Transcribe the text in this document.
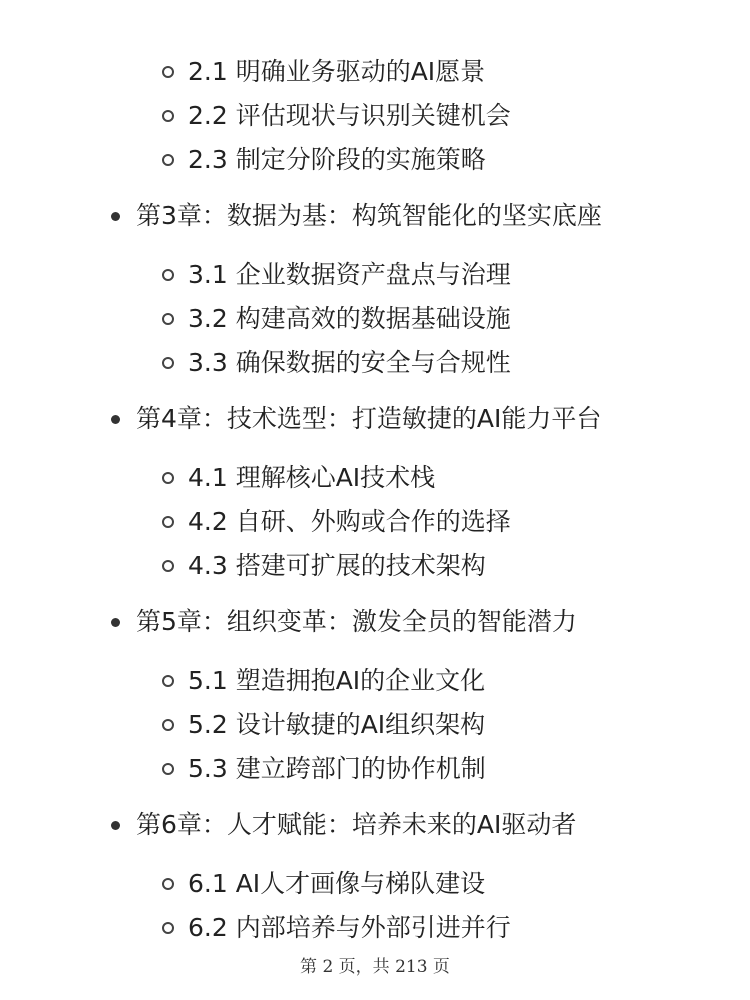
2.1 明确业务驱动的AI愿景
2.2 评估现状与识别关键机会
2.3 制定分阶段的实施策略
第3章：数据为基：构筑智能化的坚实底座
3.1 企业数据资产盘点与治理
3.2 构建高效的数据基础设施
3.3 确保数据的安全与合规性
第4章：技术选型：打造敏捷的AI能力平台
4.1 理解核心AI技术栈
4.2 自研、外购或合作的选择
4.3 搭建可扩展的技术架构
第5章：组织变革：激发全员的智能潜力
5.1 塑造拥抱AI的企业文化
5.2 设计敏捷的AI组织架构
5.3 建立跨部门的协作机制
第6章：人才赋能：培养未来的AI驱动者
6.1 AI人才画像与梯队建设
6.2 内部培养与外部引进并行
第 2 页，共 213 页
